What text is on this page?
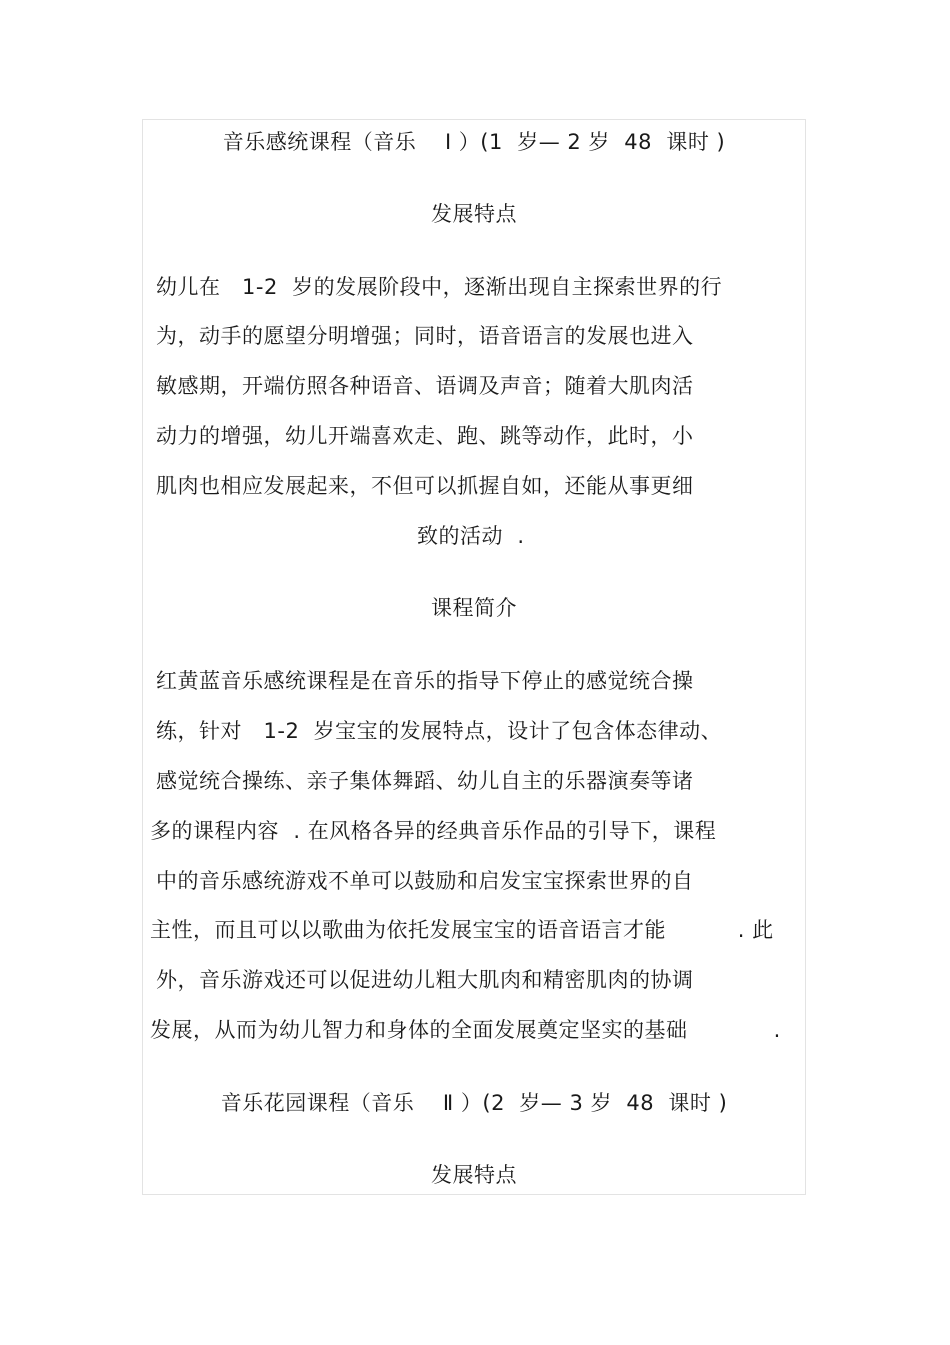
音乐感统课程（音乐　 Ⅰ ）(1  岁— 2 岁  48  课时 )
发展特点
幼儿在   1-2  岁的发展阶段中，逐渐出现自主探索世界的行
为，动手的愿望分明增强；同时，语音语言的发展也进入
敏感期，开端仿照各种语音、语调及声音；随着大肌肉活
动力的增强，幼儿开端喜欢走、跑、跳等动作，此时，小
肌肉也相应发展起来，不但可以抓握自如，还能从事更细
致的活动  .
课程简介
红黄蓝音乐感统课程是在音乐的指导下停止的感觉统合操
练，针对   1-2  岁宝宝的发展特点，设计了包含体态律动、
感觉统合操练、亲子集体舞蹈、幼儿自主的乐器演奏等诸
多的课程内容  . 在风格各异的经典音乐作品的引导下，课程
中的音乐感统游戏不单可以鼓励和启发宝宝探索世界的自
主性，而且可以以歌曲为依托发展宝宝的语音语言才能          . 此
外，音乐游戏还可以促进幼儿粗大肌肉和精密肌肉的协调
发展，从而为幼儿智力和身体的全面发展奠定坚实的基础            .
音乐花园课程（音乐　 Ⅱ ）(2  岁— 3 岁  48  课时 )
发展特点
